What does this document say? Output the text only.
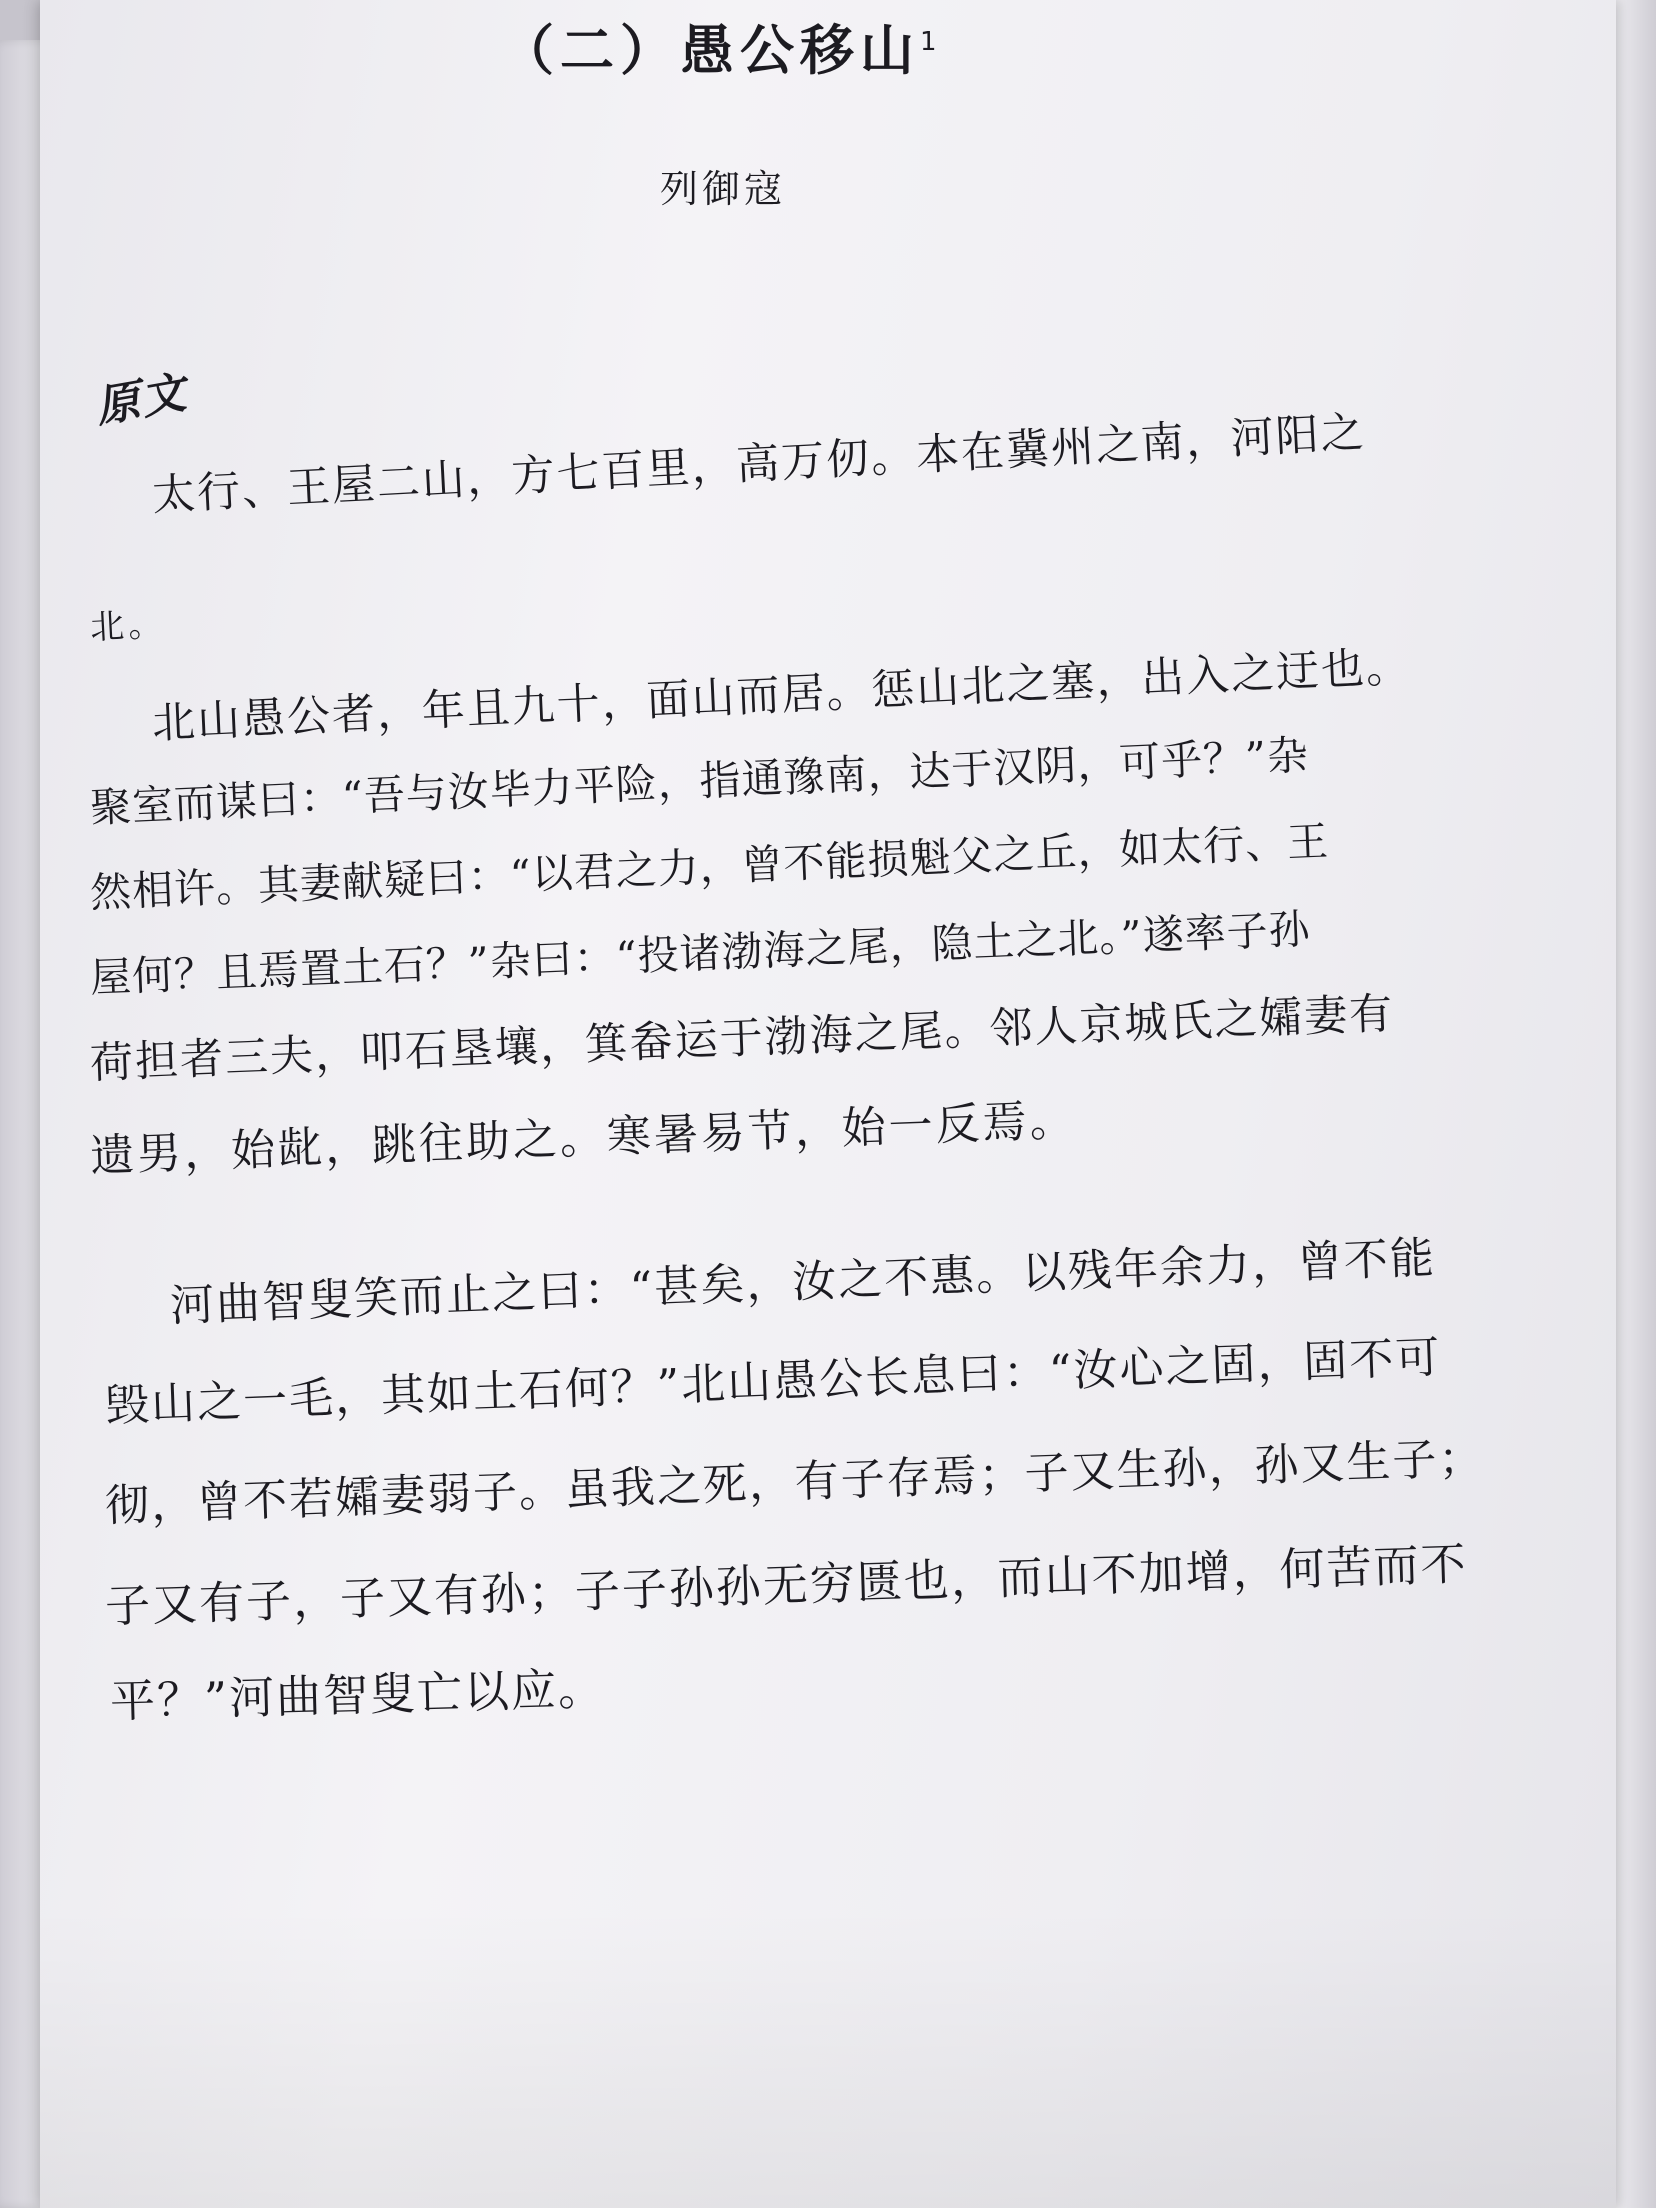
（二）愚公移山$^1$
列御寇
原文
太行、王屋二山，方七百里，高万仞。本在冀州之南，河阳之
北。
北山愚公者，年且九十，面山而居。惩山北之塞，出入之迂也。
聚室而谋曰：“吾与汝毕力平险，指通豫南，达于汉阴，可乎？”杂
然相许。其妻献疑曰：“以君之力，曾不能损魁父之丘，如太行、王
屋何？且焉置土石？”杂曰：“投诸渤海之尾，隐土之北。”遂率子孙
荷担者三夫，叩石垦壤，箕畚运于渤海之尾。邻人京城氏之孀妻有
遗男，始龀，跳往助之。寒暑易节，始一反焉。
河曲智叟笑而止之曰：“甚矣，汝之不惠。以残年余力，曾不能
毁山之一毛，其如土石何？”北山愚公长息曰：“汝心之固，固不可
彻，曾不若孀妻弱子。虽我之死，有子存焉；子又生孙，孙又生子；
子又有子，子又有孙；子子孙孙无穷匮也，而山不加增，何苦而不
平？”河曲智叟亡以应。
